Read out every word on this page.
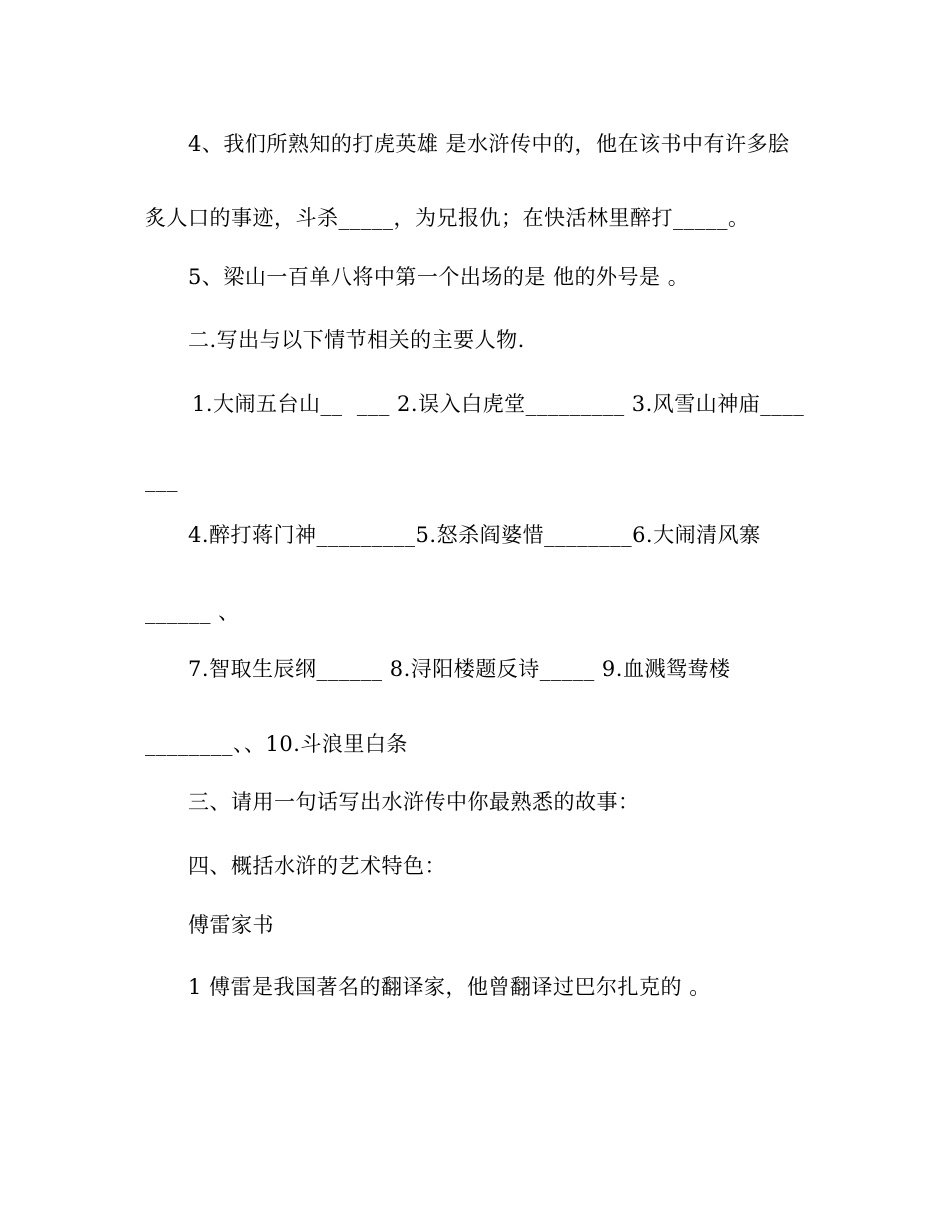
4、我们所熟知的打虎英雄 是水浒传中的，他在该书中有许多脍

炙人口的事迹，斗杀_____，为兄报仇；在快活林里醉打_____。

5、梁山一百单八将中第一个出场的是 他的外号是 。

二.写出与以下情节相关的主要人物.

1.大闹五台山__  ___ 2.误入白虎堂_________ 3.风雪山神庙____

___

4.醉打蒋门神_________5.怒杀阎婆惜________6.大闹清风寨

______ 、

7.智取生辰纲______ 8.浔阳楼题反诗_____ 9.血溅鸳鸯楼

________、、10.斗浪里白条

三、请用一句话写出水浒传中你最熟悉的故事：

四、概括水浒的艺术特色：

傅雷家书

1 傅雷是我国著名的翻译家，他曾翻译过巴尔扎克的 。
